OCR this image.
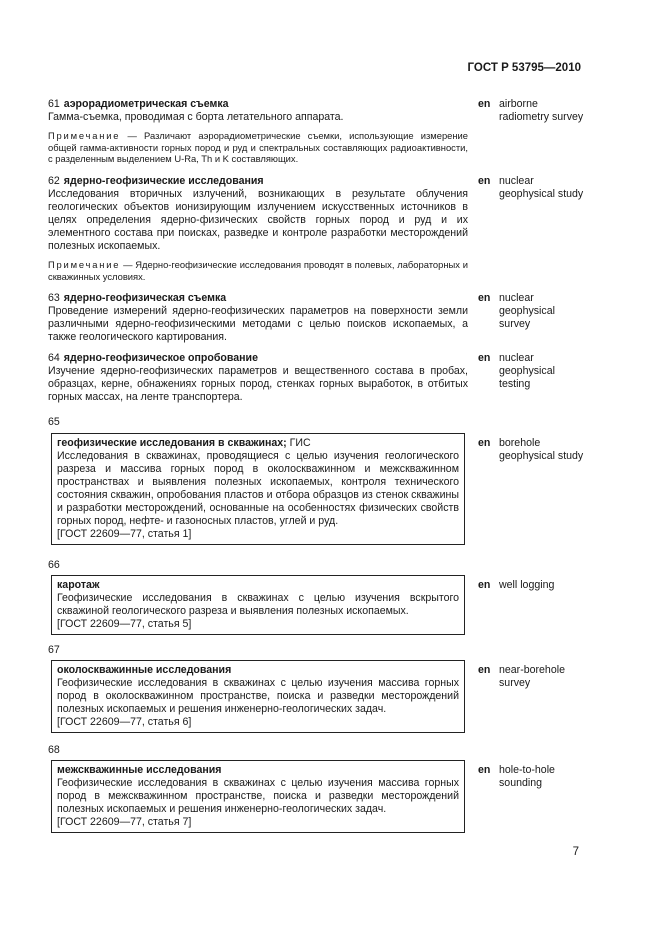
ГОСТ Р 53795—2010

61 аэрорадиометрическая съемка

Гамма-съемка, проводимая с борта летательного аппарата.

Примечание — Различают аэрорадиометрические съемки, использующие измерение общей гамма-активности горных пород и руд и спектральных составляющих радиоактивности, с разделенным выделением U-Ra, Th и K составляющих.

en airborne radiometry survey

62 ядерно-геофизические исследования

Исследования вторичных излучений, возникающих в результате облучения геологических объектов ионизирующим излучением искусственных источников в целях определения ядерно-физических свойств горных пород и руд и их элементного состава при поисках, разведке и контроле разработки месторождений полезных ископаемых.

Примечание — Ядерно-геофизические исследования проводят в полевых, лабораторных и скважинных условиях.

en nuclear geophysical study

63 ядерно-геофизическая съемка

Проведение измерений ядерно-геофизических параметров на поверхности земли различными ядерно-геофизическими методами с целью поисков ископаемых, а также геологического картирования.

en nuclear geophysical survey

64 ядерно-геофизическое опробование

Изучение ядерно-геофизических параметров и вещественного состава в пробах, образцах, керне, обнажениях горных пород, стенках горных выработок, в отбитых горных массах, на ленте транспортера.

en nuclear geophysical testing
65

геофизические исследования в скважинах; ГИС

Исследования в скважинах, проводящиеся с целью изучения геологического разреза и массива горных пород в околоскважинном и межскважинном пространствах и выявления полезных ископаемых, контроля технического состояния скважин, опробования пластов и отбора образцов из стенок скважины и разработки месторождений, основанные на особенностях физических свойств горных пород, нефте- и газоносных пластов, углей и руд.

[ГОСТ 22609—77, статья 1]

en borehole geophysical study
66

каротаж

Геофизические исследования в скважинах с целью изучения вскрытого скважиной геологического разреза и выявления полезных ископаемых.

[ГОСТ 22609—77, статья 5]

en well logging
67

околоскважинные исследования

Геофизические исследования в скважинах с целью изучения массива горных пород в околоскважинном пространстве, поиска и разведки месторождений полезных ископаемых и решения инженерно-геологических задач.

[ГОСТ 22609—77, статья 6]

en near-borehole survey
68

межскважинные исследования

Геофизические исследования в скважинах с целью изучения массива горных пород в межскважинном пространстве, поиска и разведки месторождений полезных ископаемых и решения инженерно-геологических задач.

[ГОСТ 22609—77, статья 7]

en hole-to-hole sounding
7
